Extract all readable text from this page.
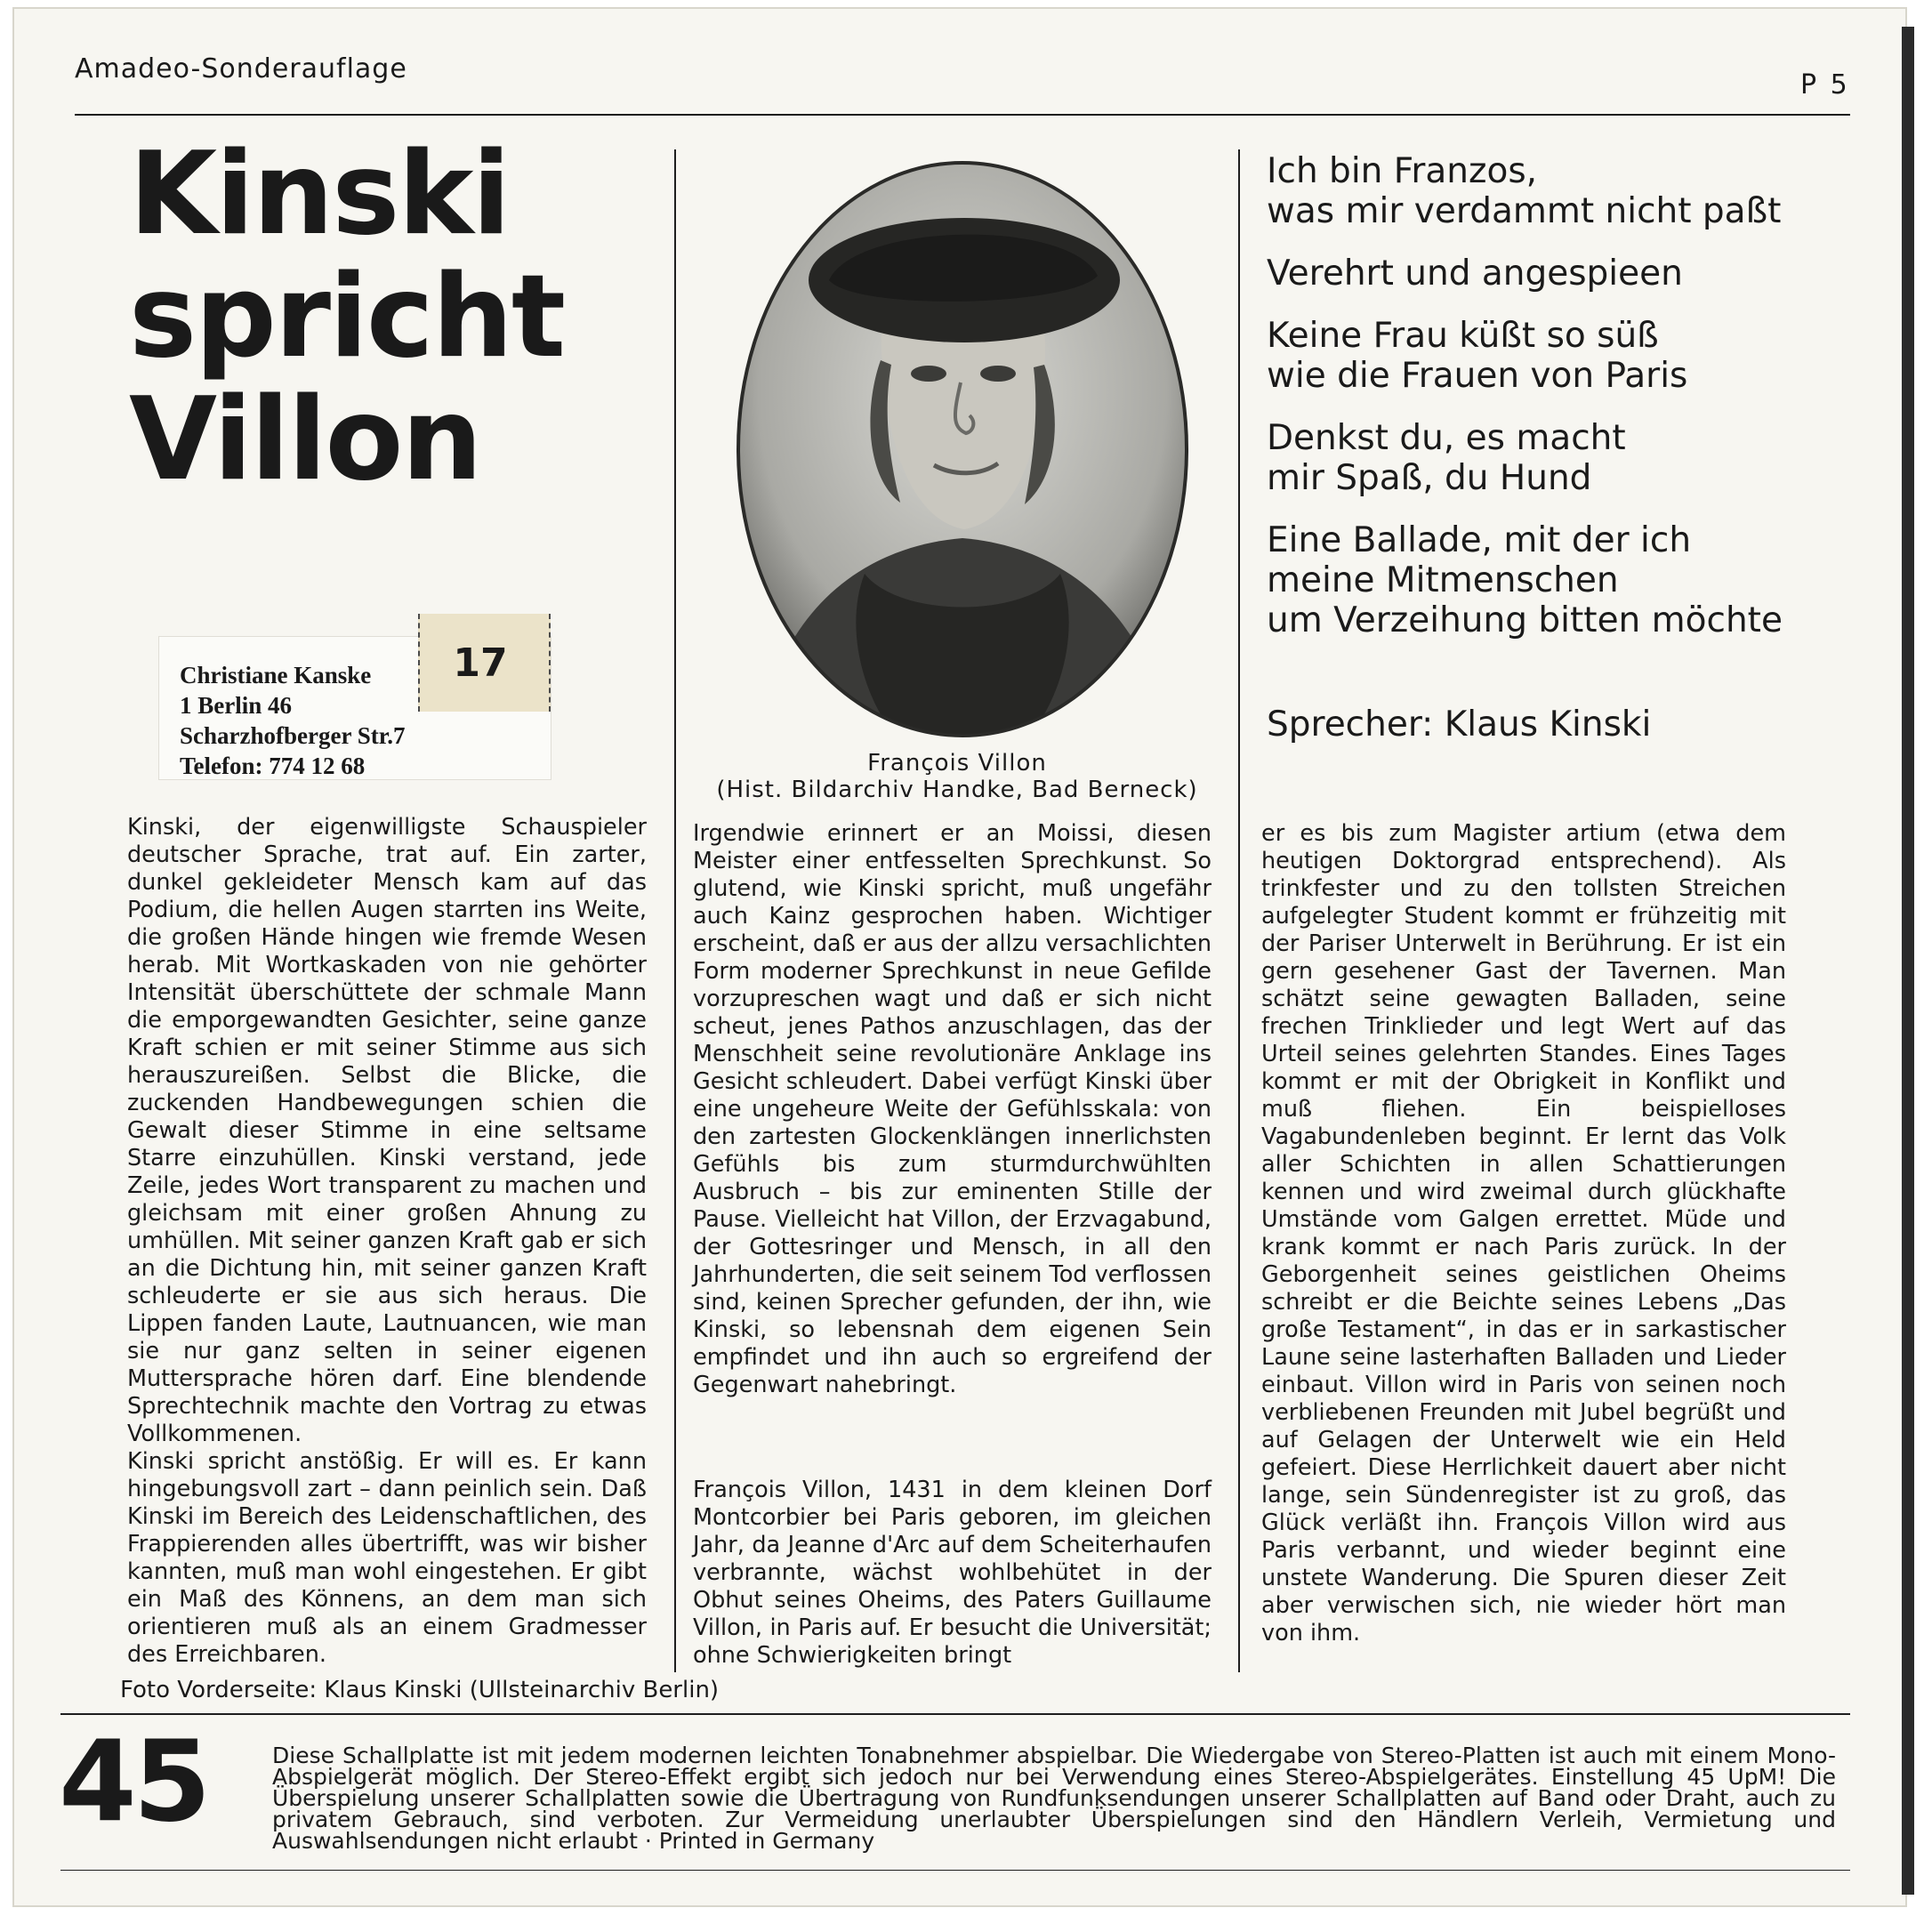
Amadeo-Sonderauflage
P 5
Kinski
spricht
Villon
François Villon
(Hist. Bildarchiv Handke, Bad Berneck)
Ich bin Franzos,
was mir verdammt nicht paßt
Verehrt und angespieen
Keine Frau küßt so süß
wie die Frauen von Paris
Denkst du, es macht
mir Spaß, du Hund
Eine Ballade, mit der ich
meine Mitmenschen
um Verzeihung bitten möchte
Sprecher: Klaus Kinski
17
Christiane Kanske
1 Berlin 46
Scharzhofberger Str.7
Telefon: 774 12 68

Kinski, der eigenwilligste Schauspieler deutscher Sprache, trat auf. Ein zarter, dunkel gekleideter Mensch kam auf das Podium, die hellen Augen starrten ins Weite, die großen Hände hingen wie fremde Wesen herab. Mit Wortkaskaden von nie gehörter Intensität überschüttete der schmale Mann die emporgewandten Gesichter, seine ganze Kraft schien er mit seiner Stimme aus sich herauszureißen. Selbst die Blicke, die zuckenden Handbewegungen schien die Gewalt dieser Stimme in eine seltsame Starre einzuhüllen. Kinski verstand, jede Zeile, jedes Wort transparent zu machen und gleichsam mit einer großen Ahnung zu umhüllen. Mit seiner ganzen Kraft gab er sich an die Dichtung hin, mit seiner ganzen Kraft schleuderte er sie aus sich heraus. Die Lippen fanden Laute, Lautnuancen, wie man sie nur ganz selten in seiner eigenen Muttersprache hören darf. Eine blendende Sprechtechnik machte den Vortrag zu etwas Vollkommenen.

Kinski spricht anstößig. Er will es. Er kann hingebungsvoll zart – dann peinlich sein. Daß Kinski im Bereich des Leidenschaftlichen, des Frappierenden alles übertrifft, was wir bisher kannten, muß man wohl eingestehen. Er gibt ein Maß des Könnens, an dem man sich orientieren muß als an einem Gradmesser des Erreichbaren.

Irgendwie erinnert er an Moissi, diesen Meister einer entfesselten Sprechkunst. So glutend, wie Kinski spricht, muß ungefähr auch Kainz gesprochen haben. Wichtiger erscheint, daß er aus der allzu versachlichten Form moderner Sprechkunst in neue Gefilde vorzupreschen wagt und daß er sich nicht scheut, jenes Pathos anzuschlagen, das der Menschheit seine revolutionäre Anklage ins Gesicht schleudert. Dabei verfügt Kinski über eine ungeheure Weite der Gefühlsskala: von den zartesten Glockenklängen innerlichsten Gefühls bis zum sturmdurchwühlten Ausbruch – bis zur eminenten Stille der Pause. Vielleicht hat Villon, der Erzvagabund, der Gottesringer und Mensch, in all den Jahrhunderten, die seit seinem Tod verflossen sind, keinen Sprecher gefunden, der ihn, wie Kinski, so lebensnah dem eigenen Sein empfindet und ihn auch so ergreifend der Gegenwart nahebringt.

François Villon, 1431 in dem kleinen Dorf Montcorbier bei Paris geboren, im gleichen Jahr, da Jeanne d'Arc auf dem Scheiterhaufen verbrannte, wächst wohlbehütet in der Obhut seines Oheims, des Paters Guillaume Villon, in Paris auf. Er besucht die Universität; ohne Schwierigkeiten bringt

er es bis zum Magister artium (etwa dem heutigen Doktorgrad entsprechend). Als trinkfester und zu den tollsten Streichen aufgelegter Student kommt er frühzeitig mit der Pariser Unterwelt in Berührung. Er ist ein gern gesehener Gast der Tavernen. Man schätzt seine gewagten Balladen, seine frechen Trinklieder und legt Wert auf das Urteil seines gelehrten Standes. Eines Tages kommt er mit der Obrigkeit in Konflikt und muß fliehen. Ein beispielloses Vagabundenleben beginnt. Er lernt das Volk aller Schichten in allen Schattierungen kennen und wird zweimal durch glückhafte Umstände vom Galgen errettet. Müde und krank kommt er nach Paris zurück. In der Geborgenheit seines geistlichen Oheims schreibt er die Beichte seines Lebens „Das große Testament“, in das er in sarkastischer Laune seine lasterhaften Balladen und Lieder einbaut. Villon wird in Paris von seinen noch verbliebenen Freunden mit Jubel begrüßt und auf Gelagen der Unterwelt wie ein Held gefeiert. Diese Herrlichkeit dauert aber nicht lange, sein Sündenregister ist zu groß, das Glück verläßt ihn. François Villon wird aus Paris verbannt, und wieder beginnt eine unstete Wanderung. Die Spuren dieser Zeit aber verwischen sich, nie wieder hört man von ihm.

Foto Vorderseite: Klaus Kinski (Ullsteinarchiv Berlin)
45	Diese Schallplatte ist mit jedem modernen leichten Tonabnehmer abspielbar. Die Wiedergabe von Stereo-Platten ist auch mit einem Mono-Abspielgerät möglich. Der Stereo-Effekt ergibt sich jedoch nur bei Verwendung eines Stereo-Abspielgerätes. Einstellung 45 UpM! Die Überspielung unserer Schallplatten sowie die Übertragung von Rundfunksendungen unserer Schallplatten auf Band oder Draht, auch zu privatem Gebrauch, sind verboten. Zur Vermeidung unerlaubter Überspielungen sind den Händlern Verleih, Vermietung und Auswahlsendungen nicht erlaubt · Printed in Germany
